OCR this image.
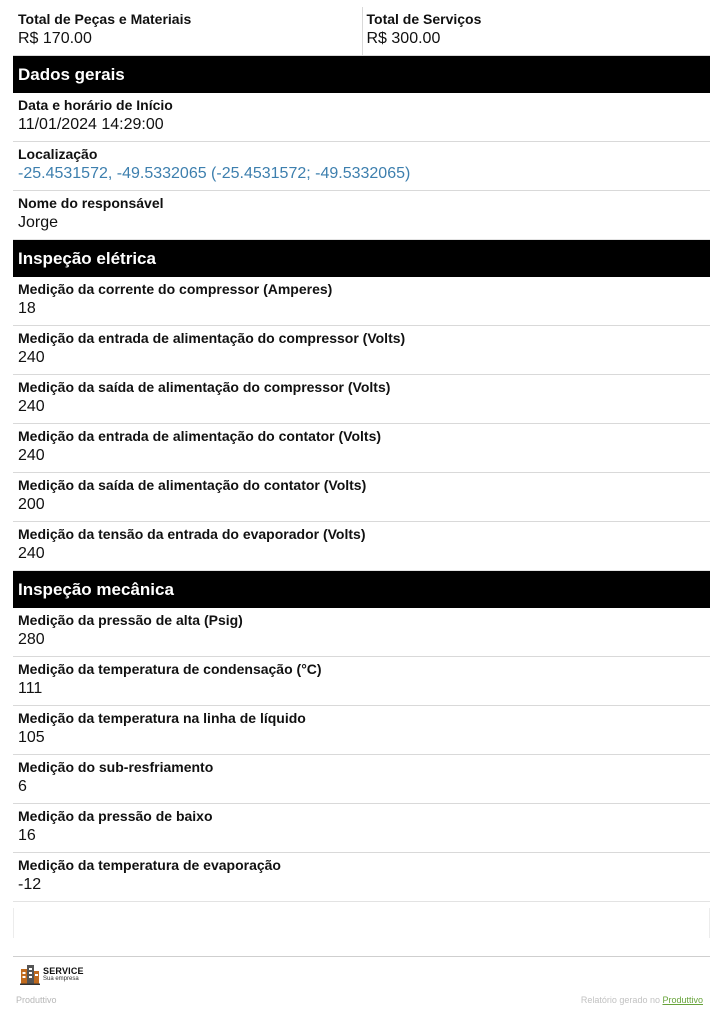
Total de Peças e Materiais
R$ 170.00
Total de Serviços
R$ 300.00
Dados gerais
Data e horário de Início
11/01/2024 14:29:00
Localização
-25.4531572, -49.5332065 (-25.4531572; -49.5332065)
Nome do responsável
Jorge
Inspeção elétrica
Medição da corrente do compressor (Amperes)
18
Medição da entrada de alimentação do compressor (Volts)
240
Medição da saída de alimentação do compressor (Volts)
240
Medição da entrada de alimentação do contator (Volts)
240
Medição da saída de alimentação do contator (Volts)
200
Medição da tensão da entrada do evaporador (Volts)
240
Inspeção mecânica
Medição da pressão de alta (Psig)
280
Medição da temperatura de condensação (°C)
111
Medição da temperatura na linha de líquido
105
Medição do sub-resfriamento
6
Medição da pressão de baixo
16
Medição da temperatura de evaporação
-12
SERVICE
Sua empresa
Produttivo	Relatório gerado no Produttivo
